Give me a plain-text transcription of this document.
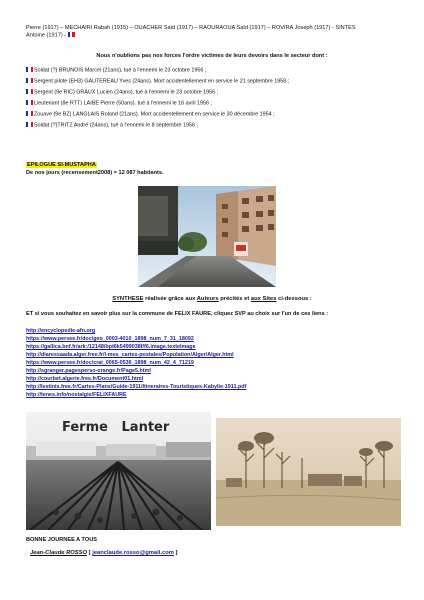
Pierre (1917) – MECHAIRI Rabah (1915) – OUACHER Saïd (1917) – RAOURAOUA Saïd (1917) – ROVIRA Joseph (1917) - SINTES
Antoine (1917) -
Nous n'oublions pas nos forces l'ordre victimes de leurs devoirs dans le secteur dont :
Soldat (?) BRUNOIS Marcel (21ans), tué à l'ennemi le 23 octobre 1956 ;
Sergent pilote (EH3) GAUTEREAU Yves (24ans). Mort accidentellement en service le 21 septembre 1958 ;
Sergent (9e RIC) GRAUX Lucien (24ans), tué à l'ennemi le 23 octobre 1956 ;
Lieutenant (8e RTT) LAIBE Pierre (50ans). tué à l'ennemi le 16 avril 1956 ;
Zouave (9e BZ) LANGLAIS Roland (21ans). Mort accidentellement en service le 30 décembre 1954 ;
Soldat (?)TRITZ André (24ans), tué à l'ennemi le 8 septembre 1956 ;
EPILOGUE SI-MUSTAPHA
De nos jours (recensement2008) = 12 087 habitants.
SYNTHESE réalisée grâce aux Auteurs précités et aux Sites ci-dessous :
ET si vous souhaitez en savoir plus sur la commune de FELIX FAURE, cliquez SVP au choix sur l'un de ces liens :
http://encyclopedie-afn.org
https://www.persee.fr/doc/geo_0003-4010_1898_num_7_31_18092
https://gallica.bnf.fr/ark:/12148/bpt6k5499038f/f6.image.texteImage
http://diaressaada.alger.free.fr/l-mes_cartes-postales/Population/Alger/Alger.html
https://www.persee.fr/doc/crai_0065-0536_1898_num_42_4_71219
http://sgranger.pagesperso-orange.fr/Page5.html
http://courbet.algerie.free.fr/Document01.html
http://lestinis.free.fr/Cartes-Plans/Guide-1911/Itineraires-Touristiques-Kabylie-1911.pdf
http://tenes.info/nostalgie/FELIXFAURE
Ferme   Lanter
BONNE JOURNEE A TOUS
Jean-Claude ROSSO [ jeanclaude.rosso@gmail.com ]
